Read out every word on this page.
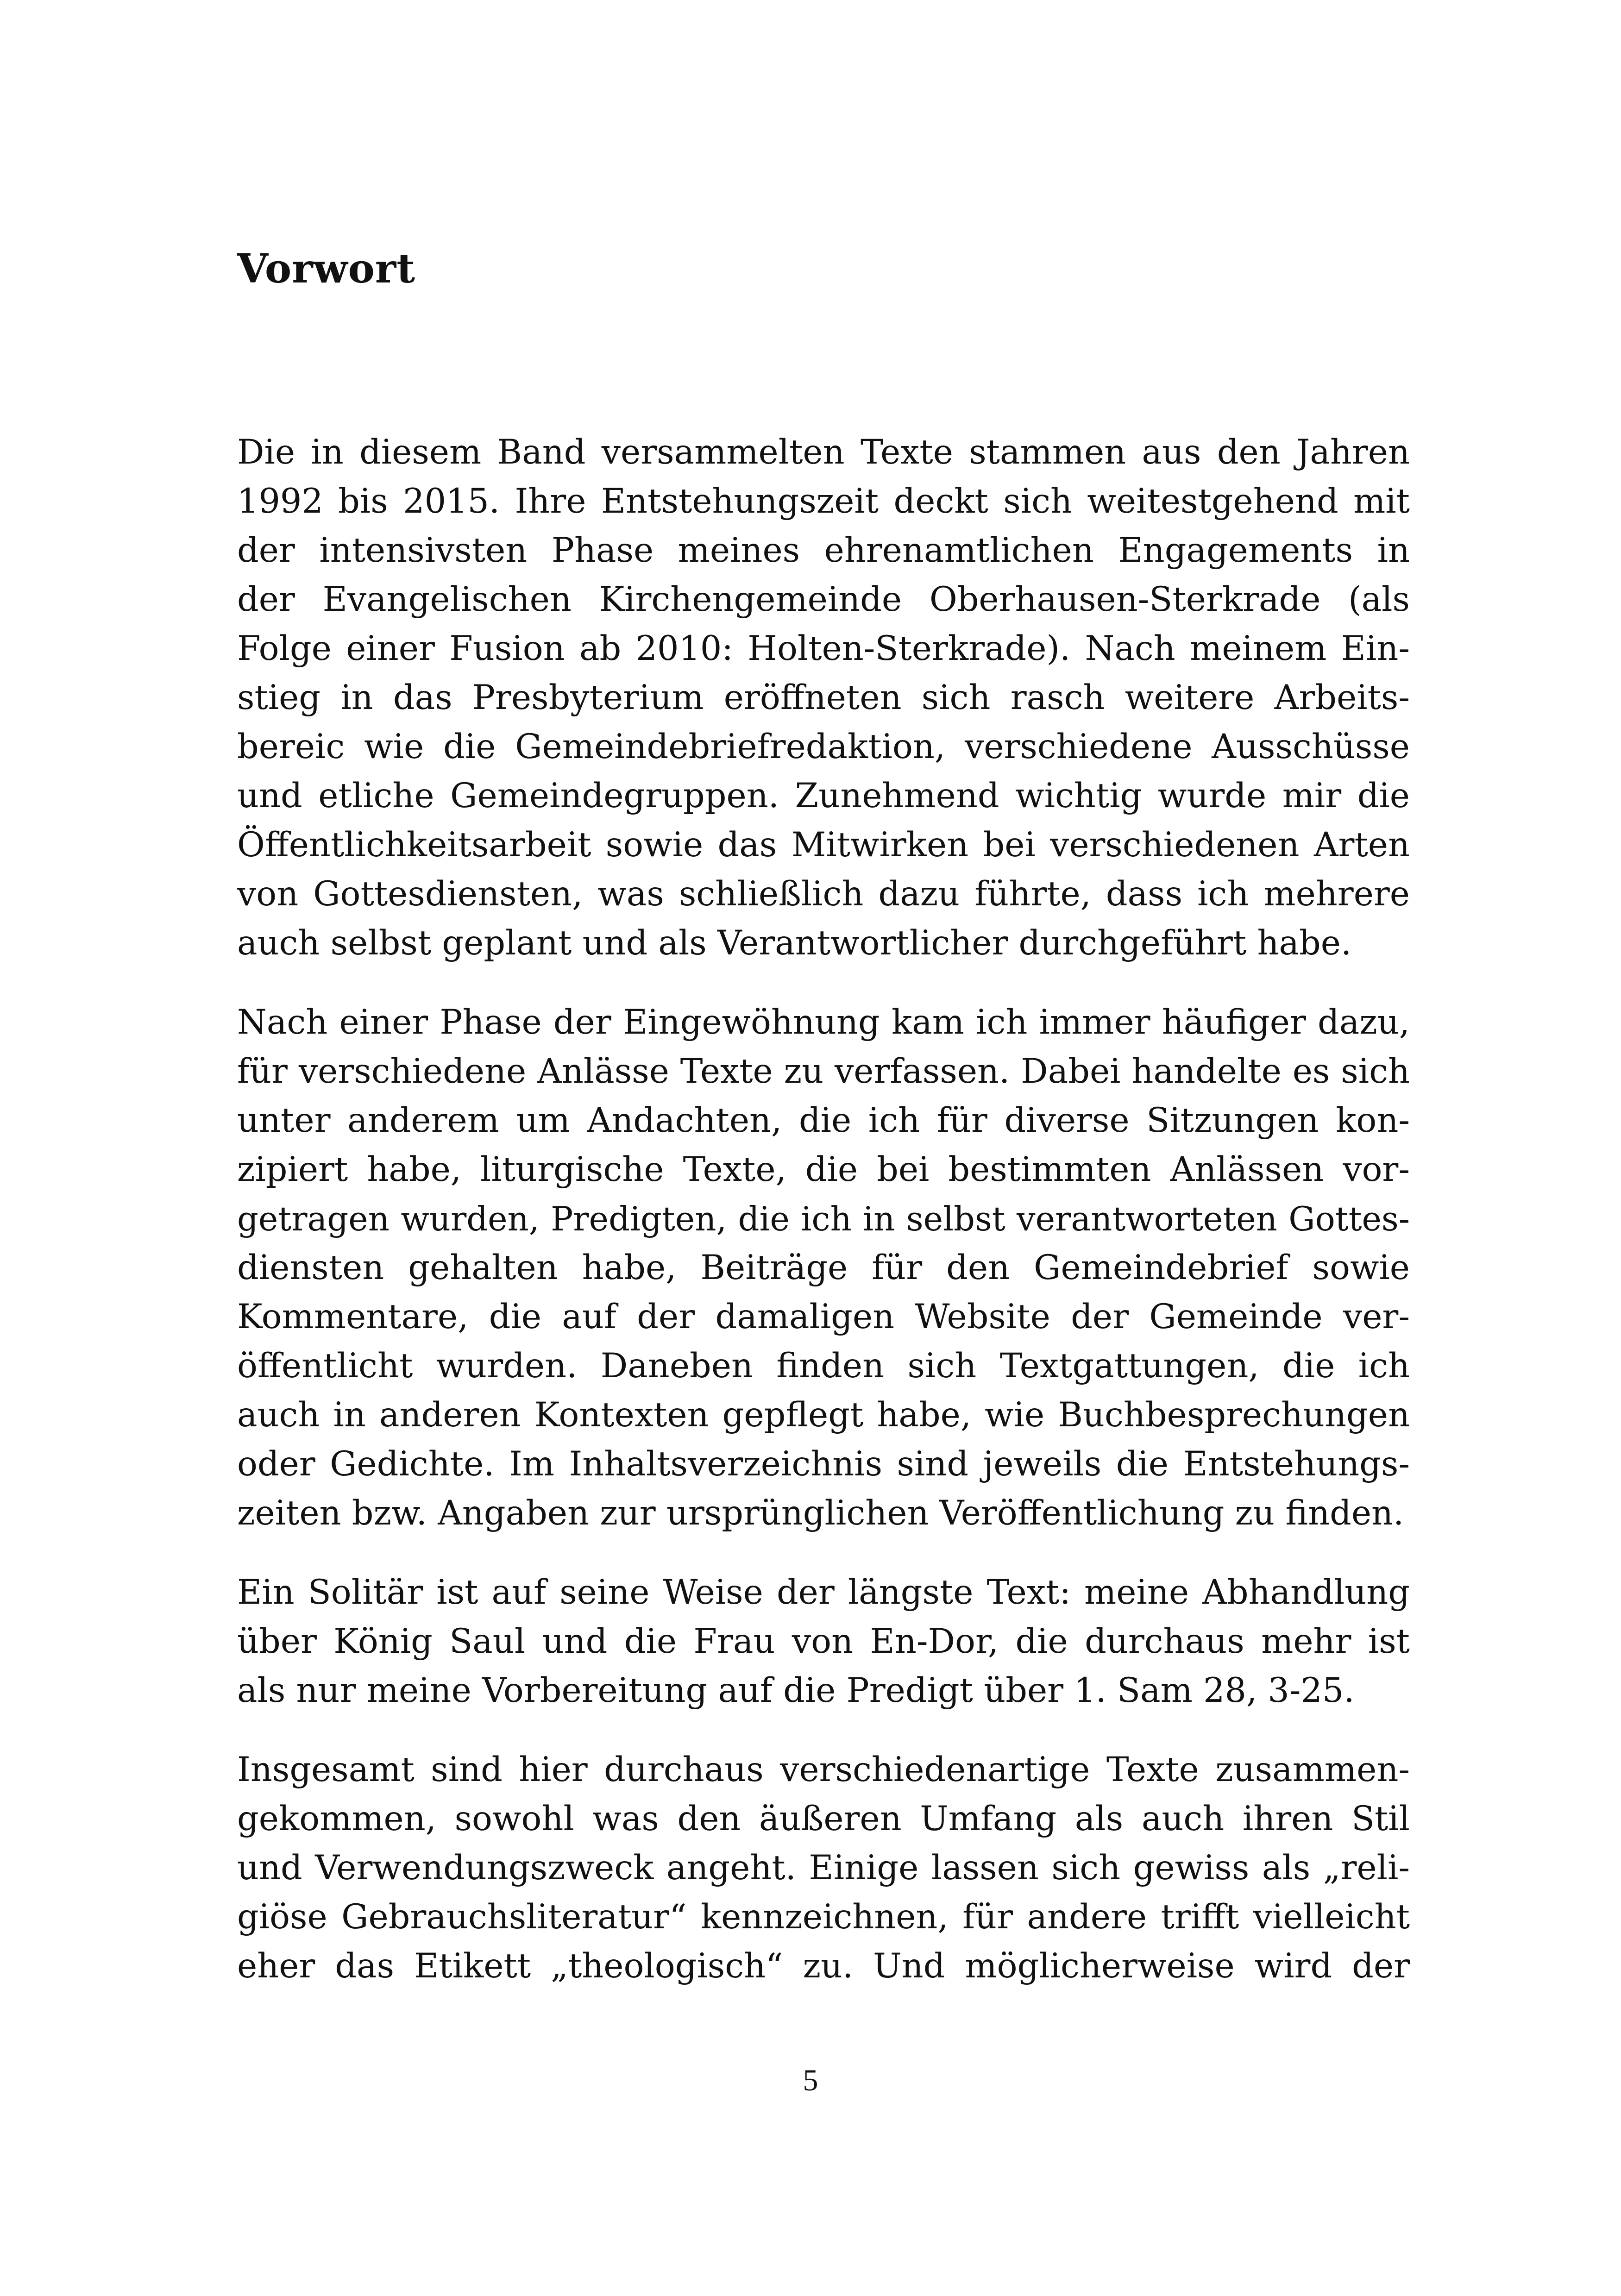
Vorwort
Die in diesem Band versammelten Texte stammen aus den Jahren
1992 bis 2015. Ihre Entstehungszeit deckt sich weitestgehend mit
der intensivsten Phase meines ehrenamtlichen Engagements in
der Evangelischen Kirchengemeinde Oberhausen-Sterkrade (als
Folge einer Fusion ab 2010: Holten-Sterkrade). Nach meinem Ein-
stieg in das Presbyterium eröffneten sich rasch weitere Arbeits-
bereic wie die Gemeindebriefredaktion, verschiedene Ausschüsse
und etliche Gemeindegruppen. Zunehmend wichtig wurde mir die
Öffentlichkeitsarbeit sowie das Mitwirken bei verschiedenen Arten
von Gottesdiensten, was schließlich dazu führte, dass ich mehrere
auch selbst geplant und als Verantwortlicher durchgeführt habe.
Nach einer Phase der Eingewöhnung kam ich immer häufiger dazu,
für verschiedene Anlässe Texte zu verfassen. Dabei handelte es sich
unter anderem um Andachten, die ich für diverse Sitzungen kon-
zipiert habe, liturgische Texte, die bei bestimmten Anlässen vor-
getragen wurden, Predigten, die ich in selbst verantworteten Gottes-
diensten gehalten habe, Beiträge für den Gemeindebrief sowie
Kommentare, die auf der damaligen Website der Gemeinde ver-
öffentlicht wurden. Daneben finden sich Textgattungen, die ich
auch in anderen Kontexten gepflegt habe, wie Buchbesprechungen
oder Gedichte. Im Inhaltsverzeichnis sind jeweils die Entstehungs-
zeiten bzw. Angaben zur ursprünglichen Veröffentlichung zu finden.
Ein Solitär ist auf seine Weise der längste Text: meine Abhandlung
über König Saul und die Frau von En-Dor, die durchaus mehr ist
als nur meine Vorbereitung auf die Predigt über 1. Sam 28, 3-25.
Insgesamt sind hier durchaus verschiedenartige Texte zusammen-
gekommen, sowohl was den äußeren Umfang als auch ihren Stil
und Verwendungszweck angeht. Einige lassen sich gewiss als „reli-
giöse Gebrauchsliteratur“ kennzeichnen, für andere trifft vielleicht
eher das Etikett „theologisch“ zu. Und möglicherweise wird der
5
